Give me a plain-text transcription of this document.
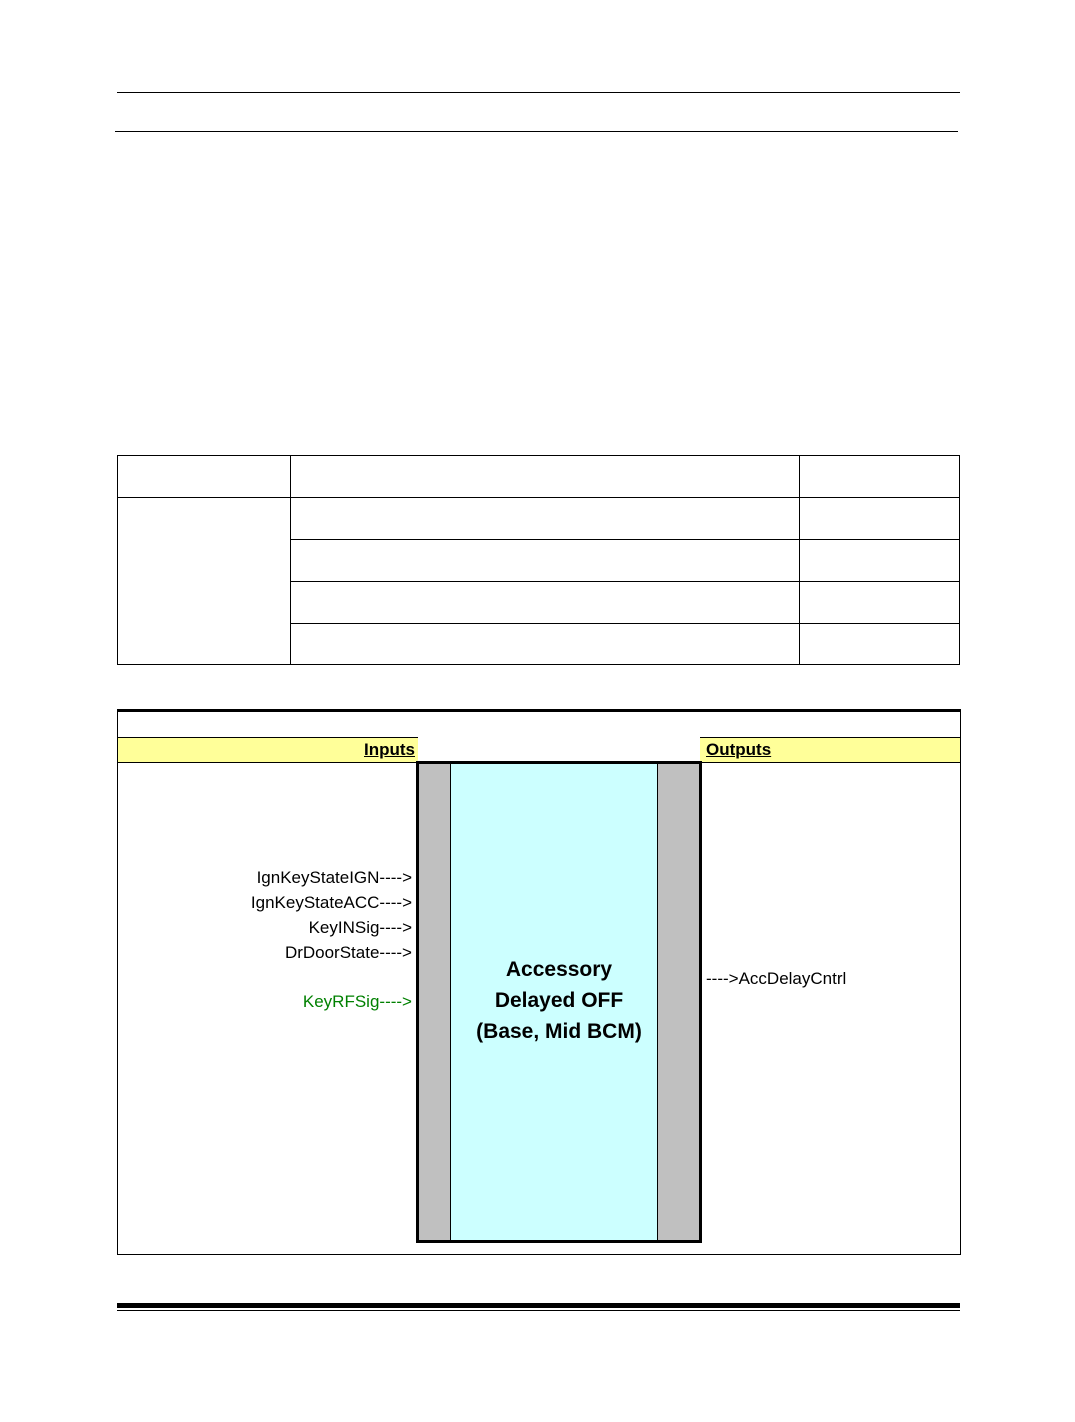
Inputs	Outputs
Accessory
Delayed OFF
(Base, Mid BCM)
IgnKeyStateIGN---->
IgnKeyStateACC---->
KeyINSig---->
DrDoorState---->
KeyRFSig---->
---->AccDelayCntrl
